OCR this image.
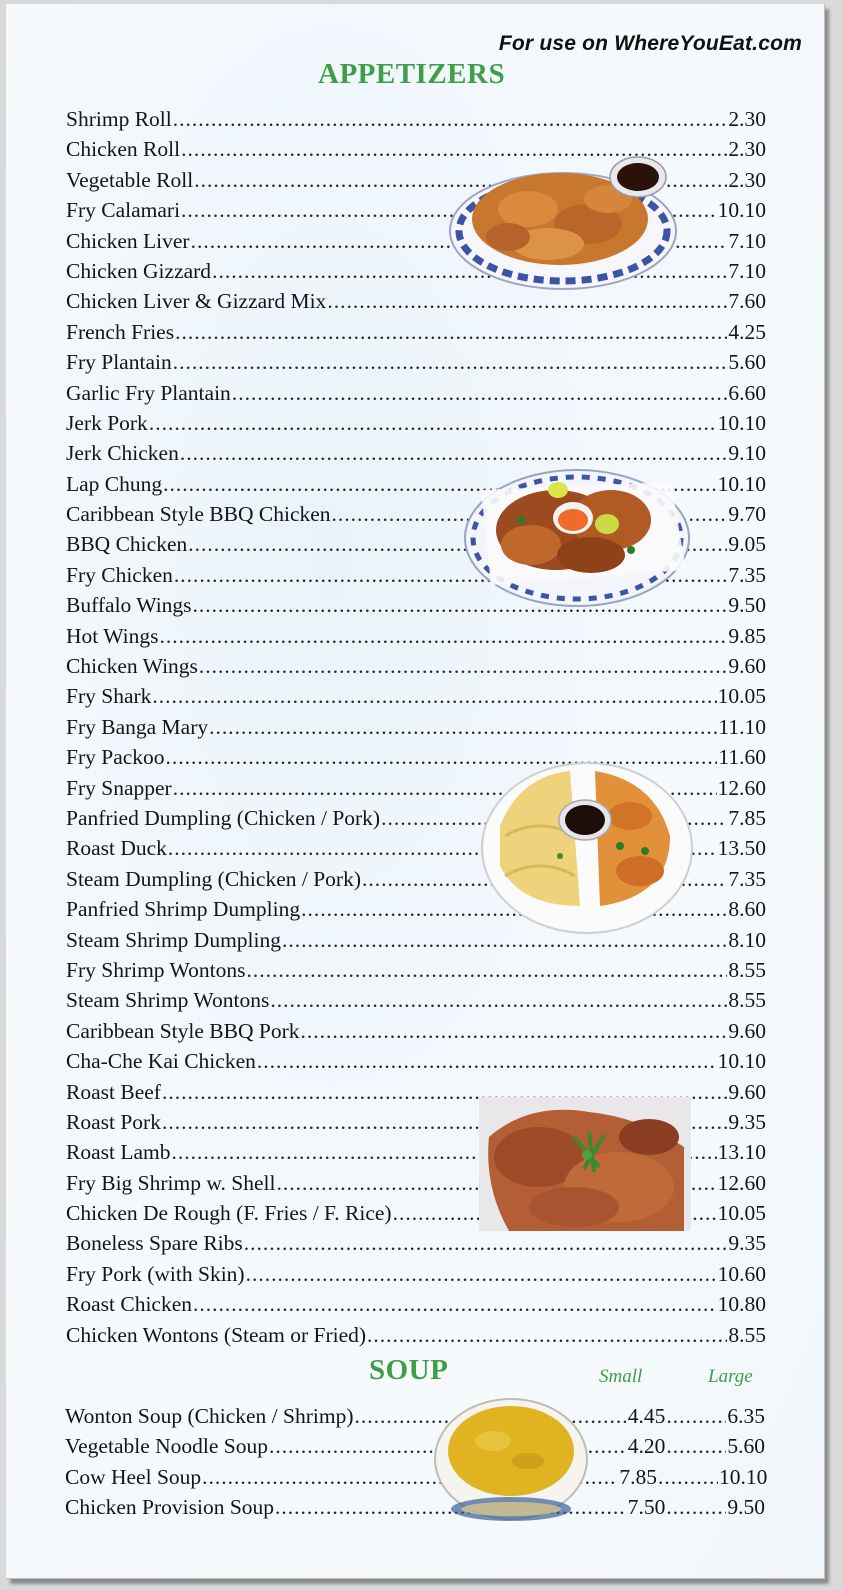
For use on WhereYouEat.com
APPETIZERS
Shrimp Roll .....	2.30
Chicken Roll .....	2.30
Vegetable Roll .....	2.30
Fry Calamari .....	10.10
Chicken Liver .....	7.10
Chicken Gizzard .....	7.10
Chicken Liver & Gizzard Mix .....	7.60
French Fries .....	4.25
Fry Plantain .....	5.60
Garlic Fry Plantain .....	6.60
Jerk Pork .....	10.10
Jerk Chicken .....	9.10
Lap Chung .....	10.10
Caribbean Style BBQ Chicken .....	9.70
BBQ Chicken .....	9.05
Fry Chicken .....	7.35
Buffalo Wings .....	9.50
Hot Wings .....	9.85
Chicken Wings .....	9.60
Fry Shark .....	10.05
Fry Banga Mary .....	11.10
Fry Packoo .....	11.60
Fry Snapper .....	12.60
Panfried Dumpling (Chicken / Pork) .....	7.85
Roast Duck .....	13.50
Steam Dumpling (Chicken / Pork) .....	7.35
Panfried Shrimp Dumpling .....	8.60
Steam Shrimp Dumpling .....	8.10
Fry Shrimp Wontons .....	8.55
Steam Shrimp Wontons .....	8.55
Caribbean Style BBQ Pork .....	9.60
Cha-Che Kai Chicken .....	10.10
Roast Beef .....	9.60
Roast Pork .....	9.35
Roast Lamb .....	13.10
Fry Big Shrimp w. Shell .....	12.60
Chicken De Rough (F. Fries / F. Rice) .....	10.05
Boneless Spare Ribs .....	9.35
Fry Pork (with Skin) .....	10.60
Roast Chicken .....	10.80
Chicken Wontons (Steam or Fried) .....	8.55
SOUP	Small	Large
Wonton Soup (Chicken / Shrimp) .....	4.45 .....	6.35
Vegetable Noodle Soup .....	4.20 .....	5.60
Cow Heel Soup .....	7.85 .....	10.10
Chicken Provision Soup .....	7.50 .....	9.50
